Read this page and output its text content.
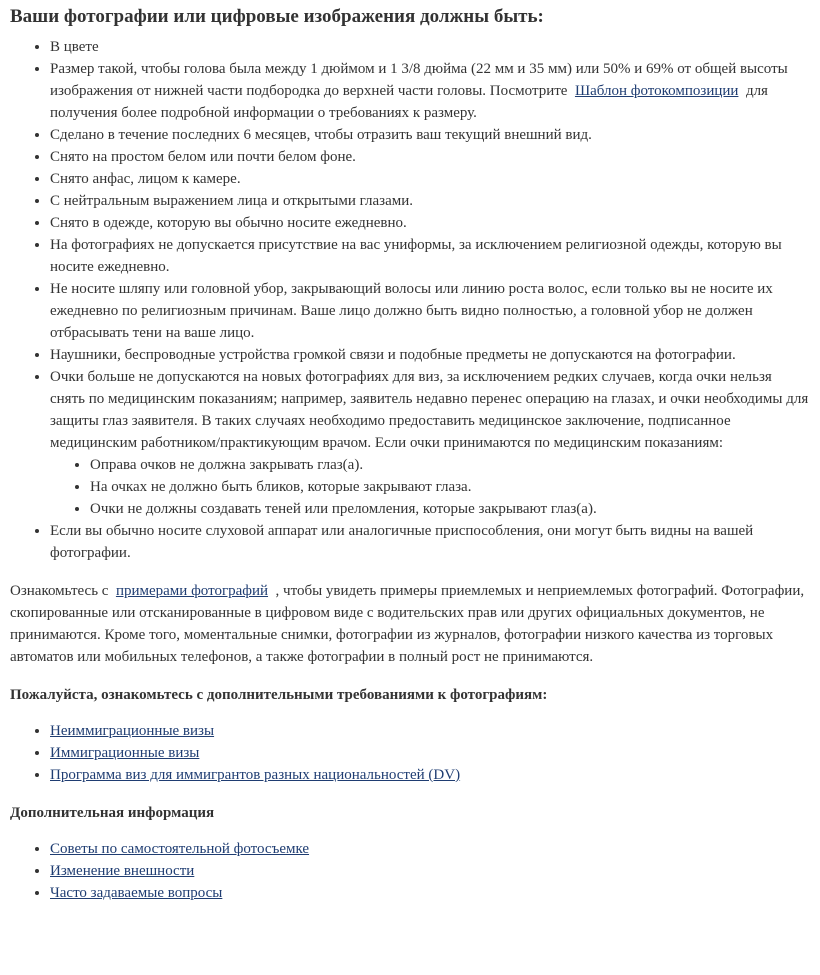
Ваши фотографии или цифровые изображения должны быть:
• В цвете
• Размер такой, чтобы голова была между 1 дюймом и 1 3/8 дюйма (22 мм и 35 мм) или 50% и 69% от общей высоты изображения от нижней части подбородка до верхней части головы. Посмотрите Шаблон фотокомпозиции для получения более подробной информации о требованиях к размеру.
• Сделано в течение последних 6 месяцев, чтобы отразить ваш текущий внешний вид.
• Снято на простом белом или почти белом фоне.
• Снято анфас, лицом к камере.
• С нейтральным выражением лица и открытыми глазами.
• Снято в одежде, которую вы обычно носите ежедневно.
• На фотографиях не допускается присутствие на вас униформы, за исключением религиозной одежды, которую вы носите ежедневно.
• Не носите шляпу или головной убор, закрывающий волосы или линию роста волос, если только вы не носите их ежедневно по религиозным причинам. Ваше лицо должно быть видно полностью, а головной убор не должен отбрасывать тени на ваше лицо.
• Наушники, беспроводные устройства громкой связи и подобные предметы не допускаются на фотографии.
• Очки больше не допускаются на новых фотографиях для виз, за исключением редких случаев, когда очки нельзя снять по медицинским показаниям; например, заявитель недавно перенес операцию на глазах, и очки необходимы для защиты глаз заявителя. В таких случаях необходимо предоставить медицинское заключение, подписанное медицинским работником/практикующим врачом. Если очки принимаются по медицинским показаниям:
• Оправа очков не должна закрывать глаз(а).
• На очках не должно быть бликов, которые закрывают глаза.
• Очки не должны создавать теней или преломления, которые закрывают глаз(а).
• Если вы обычно носите слуховой аппарат или аналогичные приспособления, они могут быть видны на вашей фотографии.

Ознакомьтесь с примерами фотографий , чтобы увидеть примеры приемлемых и неприемлемых фотографий. Фотографии, скопированные или отсканированные в цифровом виде с водительских прав или других официальных документов, не принимаются. Кроме того, моментальные снимки, фотографии из журналов, фотографии низкого качества из торговых автоматов или мобильных телефонов, а также фотографии в полный рост не принимаются.

Пожалуйста, ознакомьтесь с дополнительными требованиями к фотографиям:

• Неиммиграционные визы
• Иммиграционные визы
• Программа виз для иммигрантов разных национальностей (DV)

Дополнительная информация

• Советы по самостоятельной фотосъемке
• Изменение внешности
• Часто задаваемые вопросы
